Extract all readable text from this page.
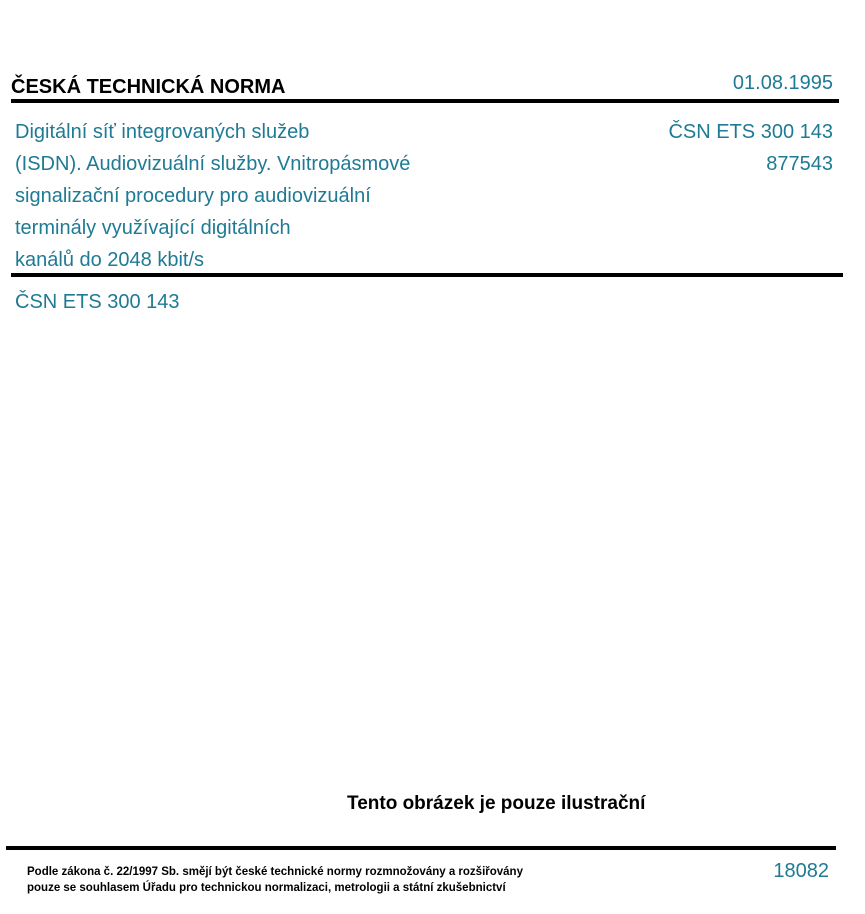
ČESKÁ TECHNICKÁ NORMA	01.08.1995
Digitální síť integrovaných služeb
(ISDN). Audiovizuální služby. Vnitropásmové
signalizační procedury pro audiovizuální
terminály využívající digitálních
kanálů do 2048 kbit/s
ČSN ETS 300 143
877543
ČSN ETS 300 143
Tento obrázek je pouze ilustrační
Podle zákona č. 22/1997 Sb. smějí být české technické normy rozmnožovány a rozšiřovány
pouze se souhlasem Úřadu pro technickou normalizaci, metrologii a státní zkušebnictví
18082
